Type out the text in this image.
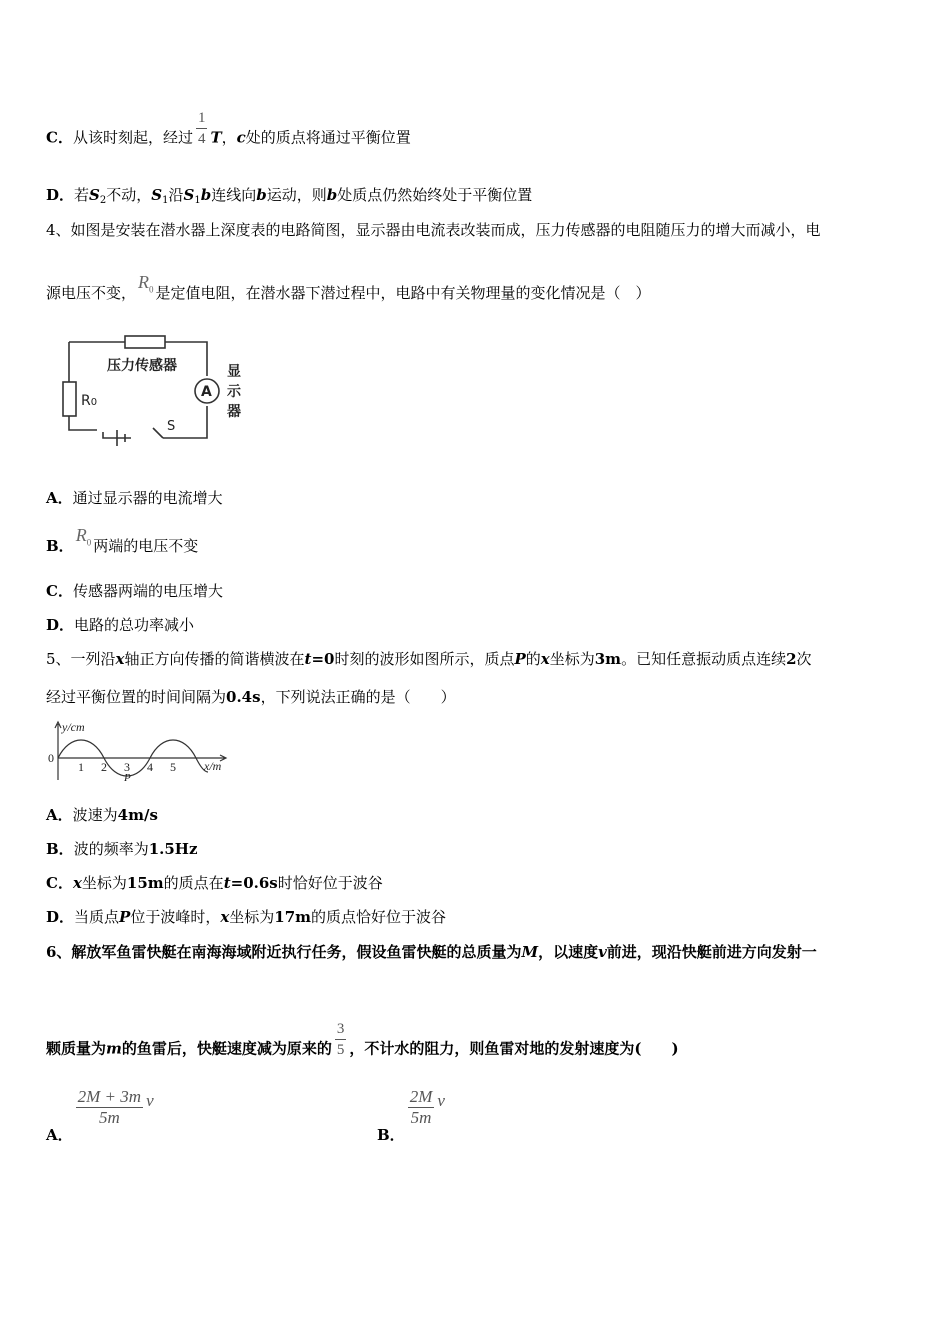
C．从该时刻起，经过 $\frac{1}{4}$ T，c处的质点将通过平衡位置
D．若$S_2$不动，$S_1$沿$S_1b$连线向b运动，则b处质点仍然始终处于平衡位置
4、如图是安装在潜水器上深度表的电路简图，显示器由电流表改装而成，压力传感器的电阻随压力的增大而减小，电
源电压不变，$R_0$ 是定值电阻，在潜水器下潜过程中，电路中有关物理量的变化情况是（　）
压力传感器
R0
A
显
示
器
S
A．通过显示器的电流增大
B．$R_0$ 两端的电压不变
C．传感器两端的电压增大
D．电路的总功率减小
5、一列沿x轴正方向传播的简谐横波在t=0时刻的波形如图所示，质点P的x坐标为3m。已知任意振动质点连续2次
经过平衡位置的时间间隔为0.4s，下列说法正确的是（　　）
y/cm
0
1 2 3 4 5
P
x/m
A．波速为4m/s
B．波的频率为1.5Hz
C．x坐标为15m的质点在t=0.6s时恰好位于波谷
D．当质点P位于波峰时，x坐标为17m的质点恰好位于波谷
6、解放军鱼雷快艇在南海海域附近执行任务，假设鱼雷快艇的总质量为M，以速度v前进，现沿快艇前进方向发射一
颗质量为m的鱼雷后，快艇速度减为原来的 $\frac{3}{5}$ ，不计水的阻力，则鱼雷对地的发射速度为(　　)
A．
$\frac{2M + 3m}{5m}$ v
B．
$\frac{2M}{5m}$ v
